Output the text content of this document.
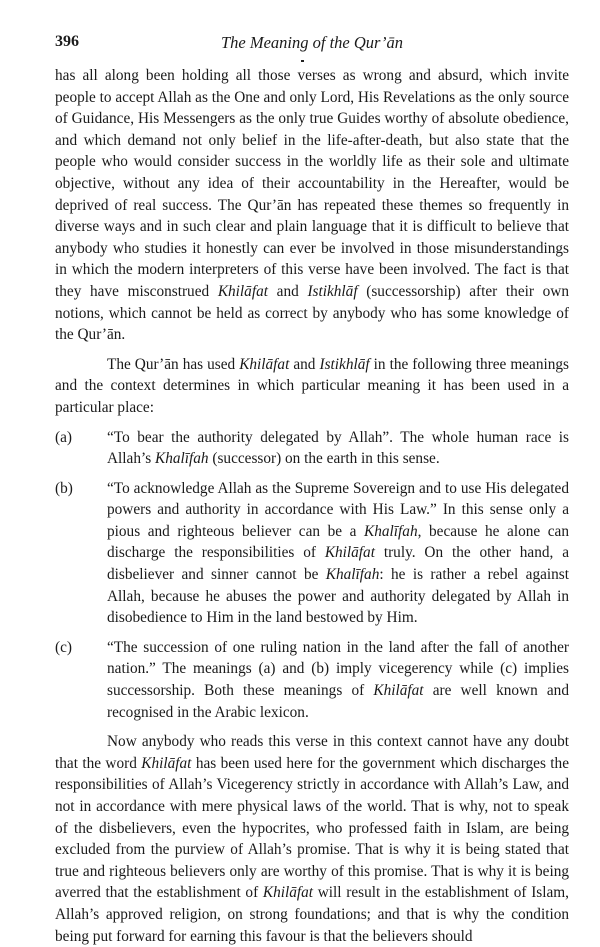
396	The Meaning of the Qur’ān

has all along been holding all those verses as wrong and absurd, which invite people to accept Allah as the One and only Lord, His Revelations as the only source of Guidance, His Messengers as the only true Guides worthy of absolute obedience, and which demand not only belief in the life-after-death, but also state that the people who would consider success in the worldly life as their sole and ultimate objective, without any idea of their accountability in the Hereafter, would be deprived of real success. The Qur’ān has repeated these themes so frequently in diverse ways and in such clear and plain language that it is difficult to believe that anybody who studies it honestly can ever be involved in those misunderstandings in which the modern interpreters of this verse have been involved. The fact is that they have misconstrued Khilāfat and Istikhlāf (successorship) after their own notions, which cannot be held as correct by anybody who has some knowledge of the Qur’ān.

The Qur’ān has used Khilāfat and Istikhlāf in the following three meanings and the context determines in which particular meaning it has been used in a particular place:

(a)	“To bear the authority delegated by Allah”. The whole human race is Allah’s Khalīfah (successor) on the earth in this sense.
(b)	“To acknowledge Allah as the Supreme Sovereign and to use His delegated powers and authority in accordance with His Law.” In this sense only a pious and righteous believer can be a Khalīfah, because he alone can discharge the responsibilities of Khilāfat truly. On the other hand, a disbeliever and sinner cannot be Khalīfah: he is rather a rebel against Allah, because he abuses the power and authority delegated by Allah in disobedience to Him in the land bestowed by Him.
(c)	“The succession of one ruling nation in the land after the fall of another nation.” The meanings (a) and (b) imply vicegerency while (c) implies successorship. Both these meanings of Khilāfat are well known and recognised in the Arabic lexicon.

Now anybody who reads this verse in this context cannot have any doubt that the word Khilāfat has been used here for the government which discharges the responsibilities of Allah’s Vicegerency strictly in accordance with Allah’s Law, and not in accordance with mere physical laws of the world. That is why, not to speak of the disbelievers, even the hypocrites, who professed faith in Islam, are being excluded from the purview of Allah’s promise. That is why it is being stated that true and righteous believers only are worthy of this promise. That is why it is being averred that the establishment of Khilāfat will result in the establishment of Islam, Allah’s approved religion, on strong foundations; and that is why the condition being put forward for earning this favour is that the believers should
